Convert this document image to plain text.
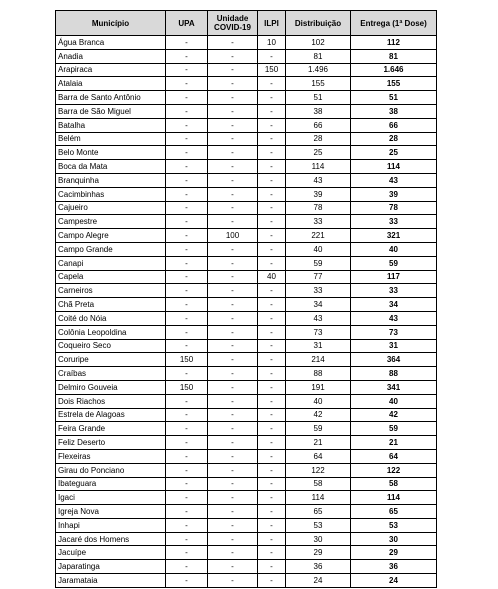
Município	UPA	Unidade COVID-19	ILPI	Distribuição	Entrega (1ª Dose)
Água Branca	-	-	10	102	112
Anadia	-	-	-	81	81
Arapiraca	-	-	150	1.496	1.646
Atalaia	-	-	-	155	155
Barra de Santo Antônio	-	-	-	51	51
Barra de São Miguel	-	-	-	38	38
Batalha	-	-	-	66	66
Belém	-	-	-	28	28
Belo Monte	-	-	-	25	25
Boca da Mata	-	-	-	114	114
Branquinha	-	-	-	43	43
Cacimbinhas	-	-	-	39	39
Cajueiro	-	-	-	78	78
Campestre	-	-	-	33	33
Campo Alegre	-	100	-	221	321
Campo Grande	-	-	-	40	40
Canapi	-	-	-	59	59
Capela	-	-	40	77	117
Carneiros	-	-	-	33	33
Chã Preta	-	-	-	34	34
Coité do Nóia	-	-	-	43	43
Colônia Leopoldina	-	-	-	73	73
Coqueiro Seco	-	-	-	31	31
Coruripe	150	-	-	214	364
Craíbas	-	-	-	88	88
Delmiro Gouveia	150	-	-	191	341
Dois Riachos	-	-	-	40	40
Estrela de Alagoas	-	-	-	42	42
Feira Grande	-	-	-	59	59
Feliz Deserto	-	-	-	21	21
Flexeiras	-	-	-	64	64
Girau do Ponciano	-	-	-	122	122
Ibateguara	-	-	-	58	58
Igaci	-	-	-	114	114
Igreja Nova	-	-	-	65	65
Inhapi	-	-	-	53	53
Jacaré dos Homens	-	-	-	30	30
Jacuípe	-	-	-	29	29
Japaratinga	-	-	-	36	36
Jaramataia	-	-	-	24	24
